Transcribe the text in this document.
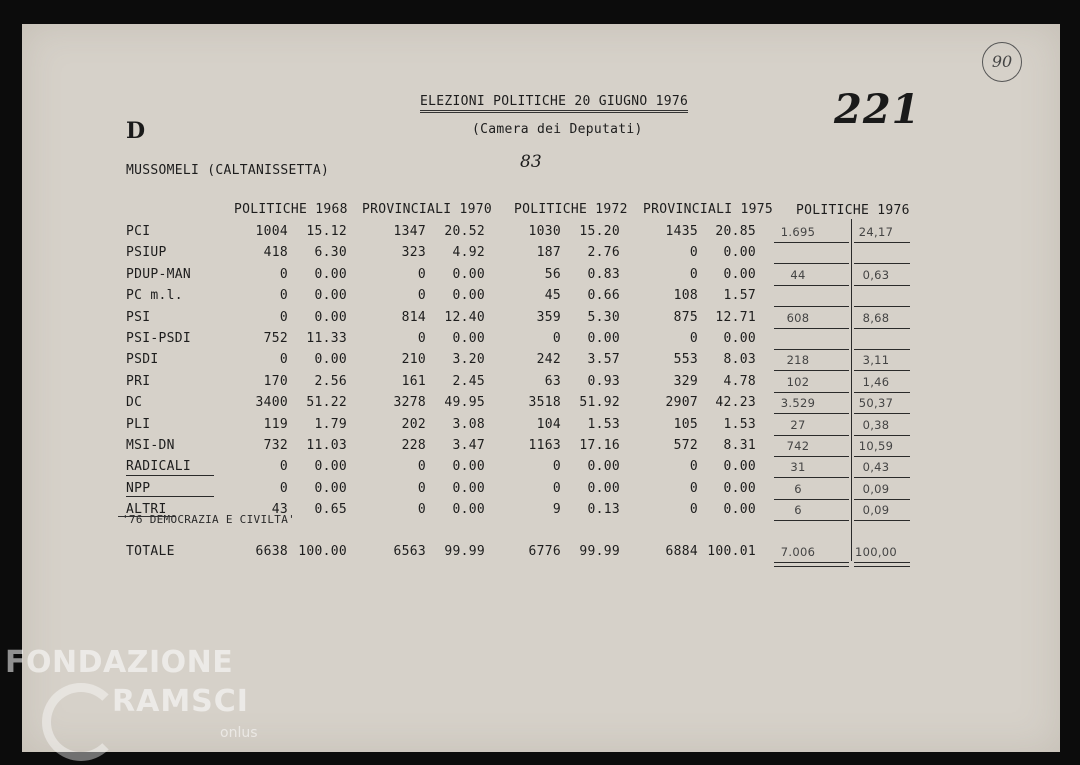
90
ELEZIONI POLITICHE 20 GIUGNO 1976
(Camera dei Deputati)	221
83
D
MUSSOMELI (CALTANISSETTA)
POLITICHE 1968 PROVINCIALI 1970 POLITICHE 1972 PROVINCIALI 1975 POLITICHE 1976
PCI	1004 15.12	1347 20.52	1030 15.20	1435 20.85	1.695	24,17
PSIUP	418 6.30	323 4.92	187 2.76	0 0.00
PDUP-MAN	0 0.00	0 0.00	56 0.83	0 0.00	44	0,63
PC m.l.	0 0.00	0 0.00	45 0.66	108 1.57
PSI	0 0.00	814 12.40	359 5.30	875 12.71	608	8,68
PSI-PSDI	752 11.33	0 0.00	0 0.00	0 0.00
PSDI	0 0.00	210 3.20	242 3.57	553 8.03	218	3,11
PRI	170 2.56	161 2.45	63 0.93	329 4.78	102	1,46
DC	3400 51.22	3278 49.95	3518 51.92	2907 42.23	3.529	50,37
PLI	119 1.79	202 3.08	104 1.53	105 1.53	27	0,38
MSI-DN	732 11.03	228 3.47	1163 17.16	572 8.31	742	10,59
RADICALI	0 0.00	0 0.00	0 0.00	0 0.00	31	0,43
NPP	0 0.00	0 0.00	0 0.00	0 0.00	6	0,09
ALTRI	43 0.65	0 0.00	9 0.13	0 0.00	6	0,09
TOTALE	6638 100.00	6563 99.99	6776 99.99	6884 100.01	7.006	100,00
'76 DEMOCRAZIA E CIVILTA'
FONDAZIONE
RAMSCI
onlus
